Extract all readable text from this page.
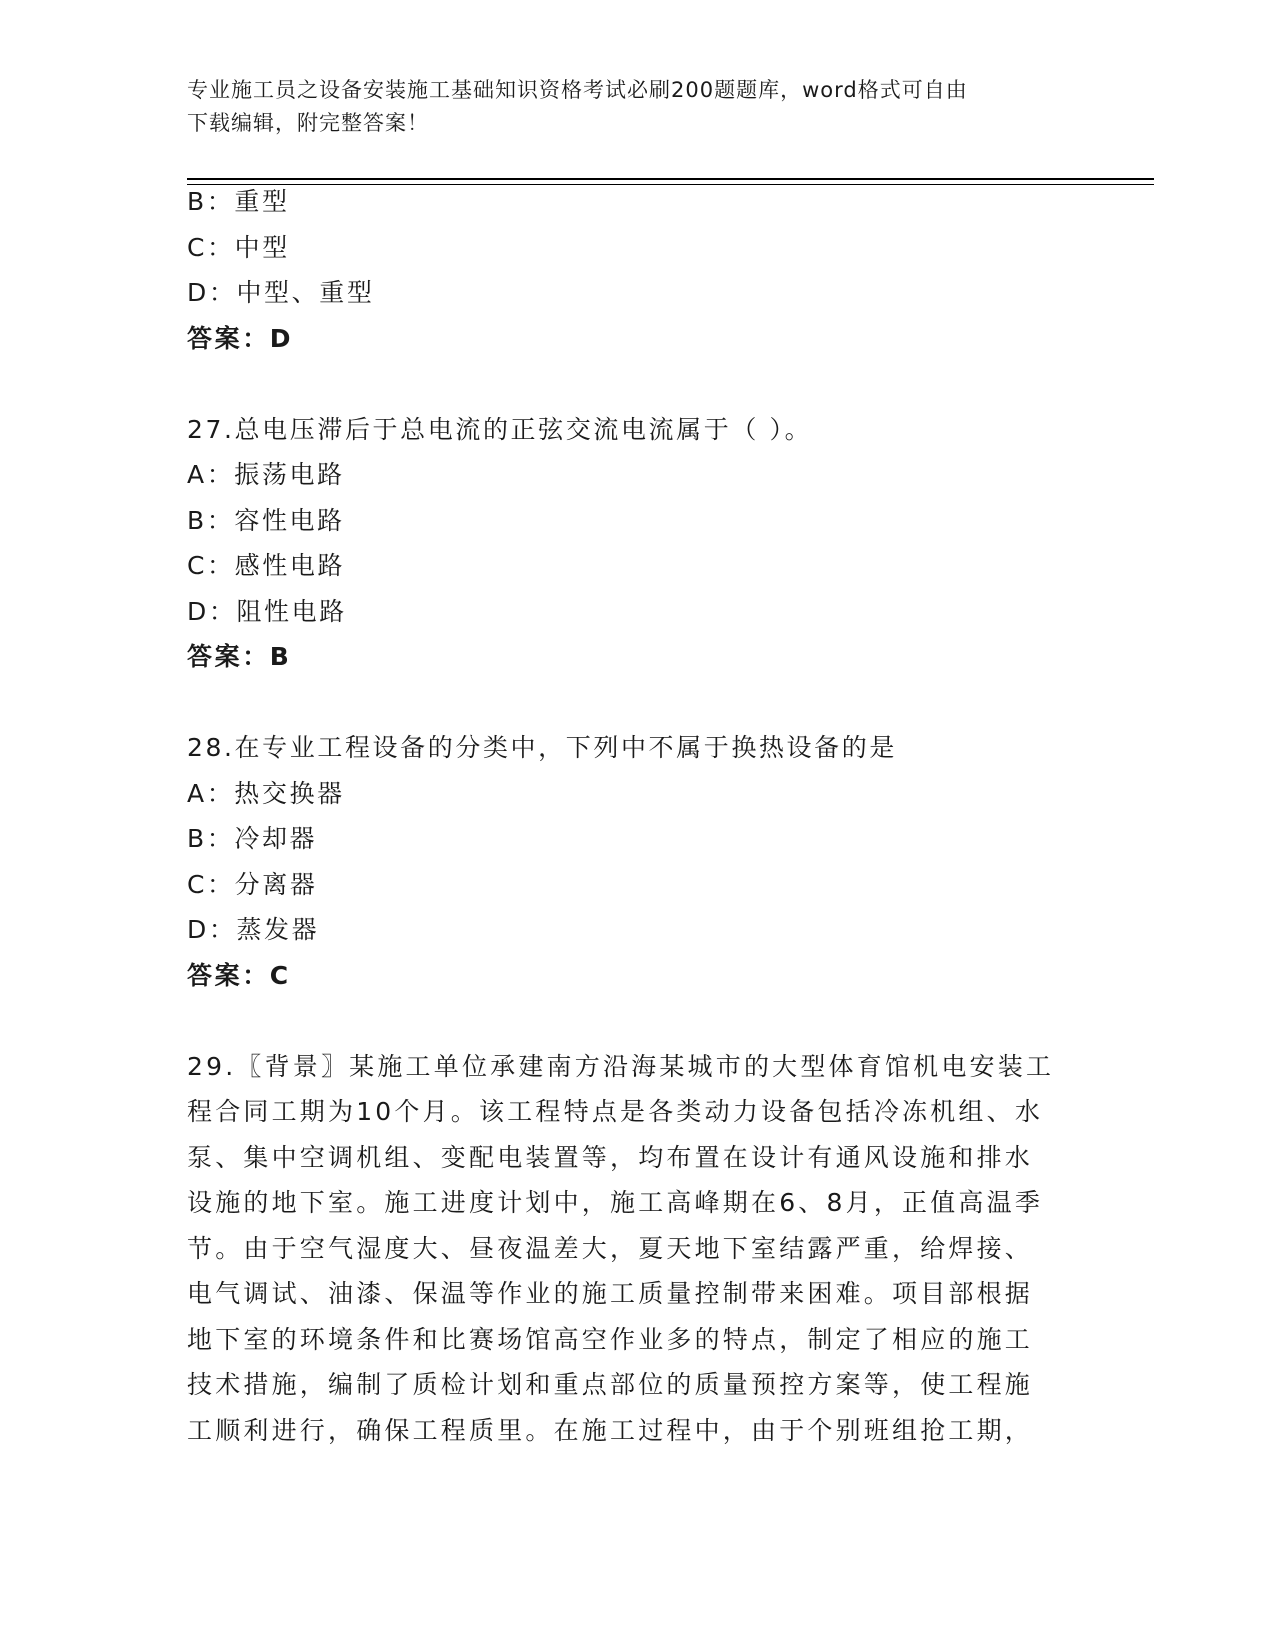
专业施工员之设备安装施工基础知识资格考试必刷200题题库，word格式可自由
下载编辑，附完整答案！
B：重型
C：中型
D：中型、重型
答案：D
27.总电压滞后于总电流的正弦交流电流属于（ ）。
A：振荡电路
B：容性电路
C：感性电路
D：阻性电路
答案：B
28.在专业工程设备的分类中，下列中不属于换热设备的是
A：热交换器
B：冷却器
C：分离器
D：蒸发器
答案：C
29.〖背景〗某施工单位承建南方沿海某城市的大型体育馆机电安装工
程合同工期为10个月。该工程特点是各类动力设备包括冷冻机组、水
泵、集中空调机组、变配电装置等，均布置在设计有通风设施和排水
设施的地下室。施工进度计划中，施工高峰期在6、8月，正值高温季
节。由于空气湿度大、昼夜温差大，夏天地下室结露严重，给焊接、
电气调试、油漆、保温等作业的施工质量控制带来困难。项目部根据
地下室的环境条件和比赛场馆高空作业多的特点，制定了相应的施工
技术措施，编制了质检计划和重点部位的质量预控方案等，使工程施
工顺利进行，确保工程质里。在施工过程中，由于个别班组抢工期，
